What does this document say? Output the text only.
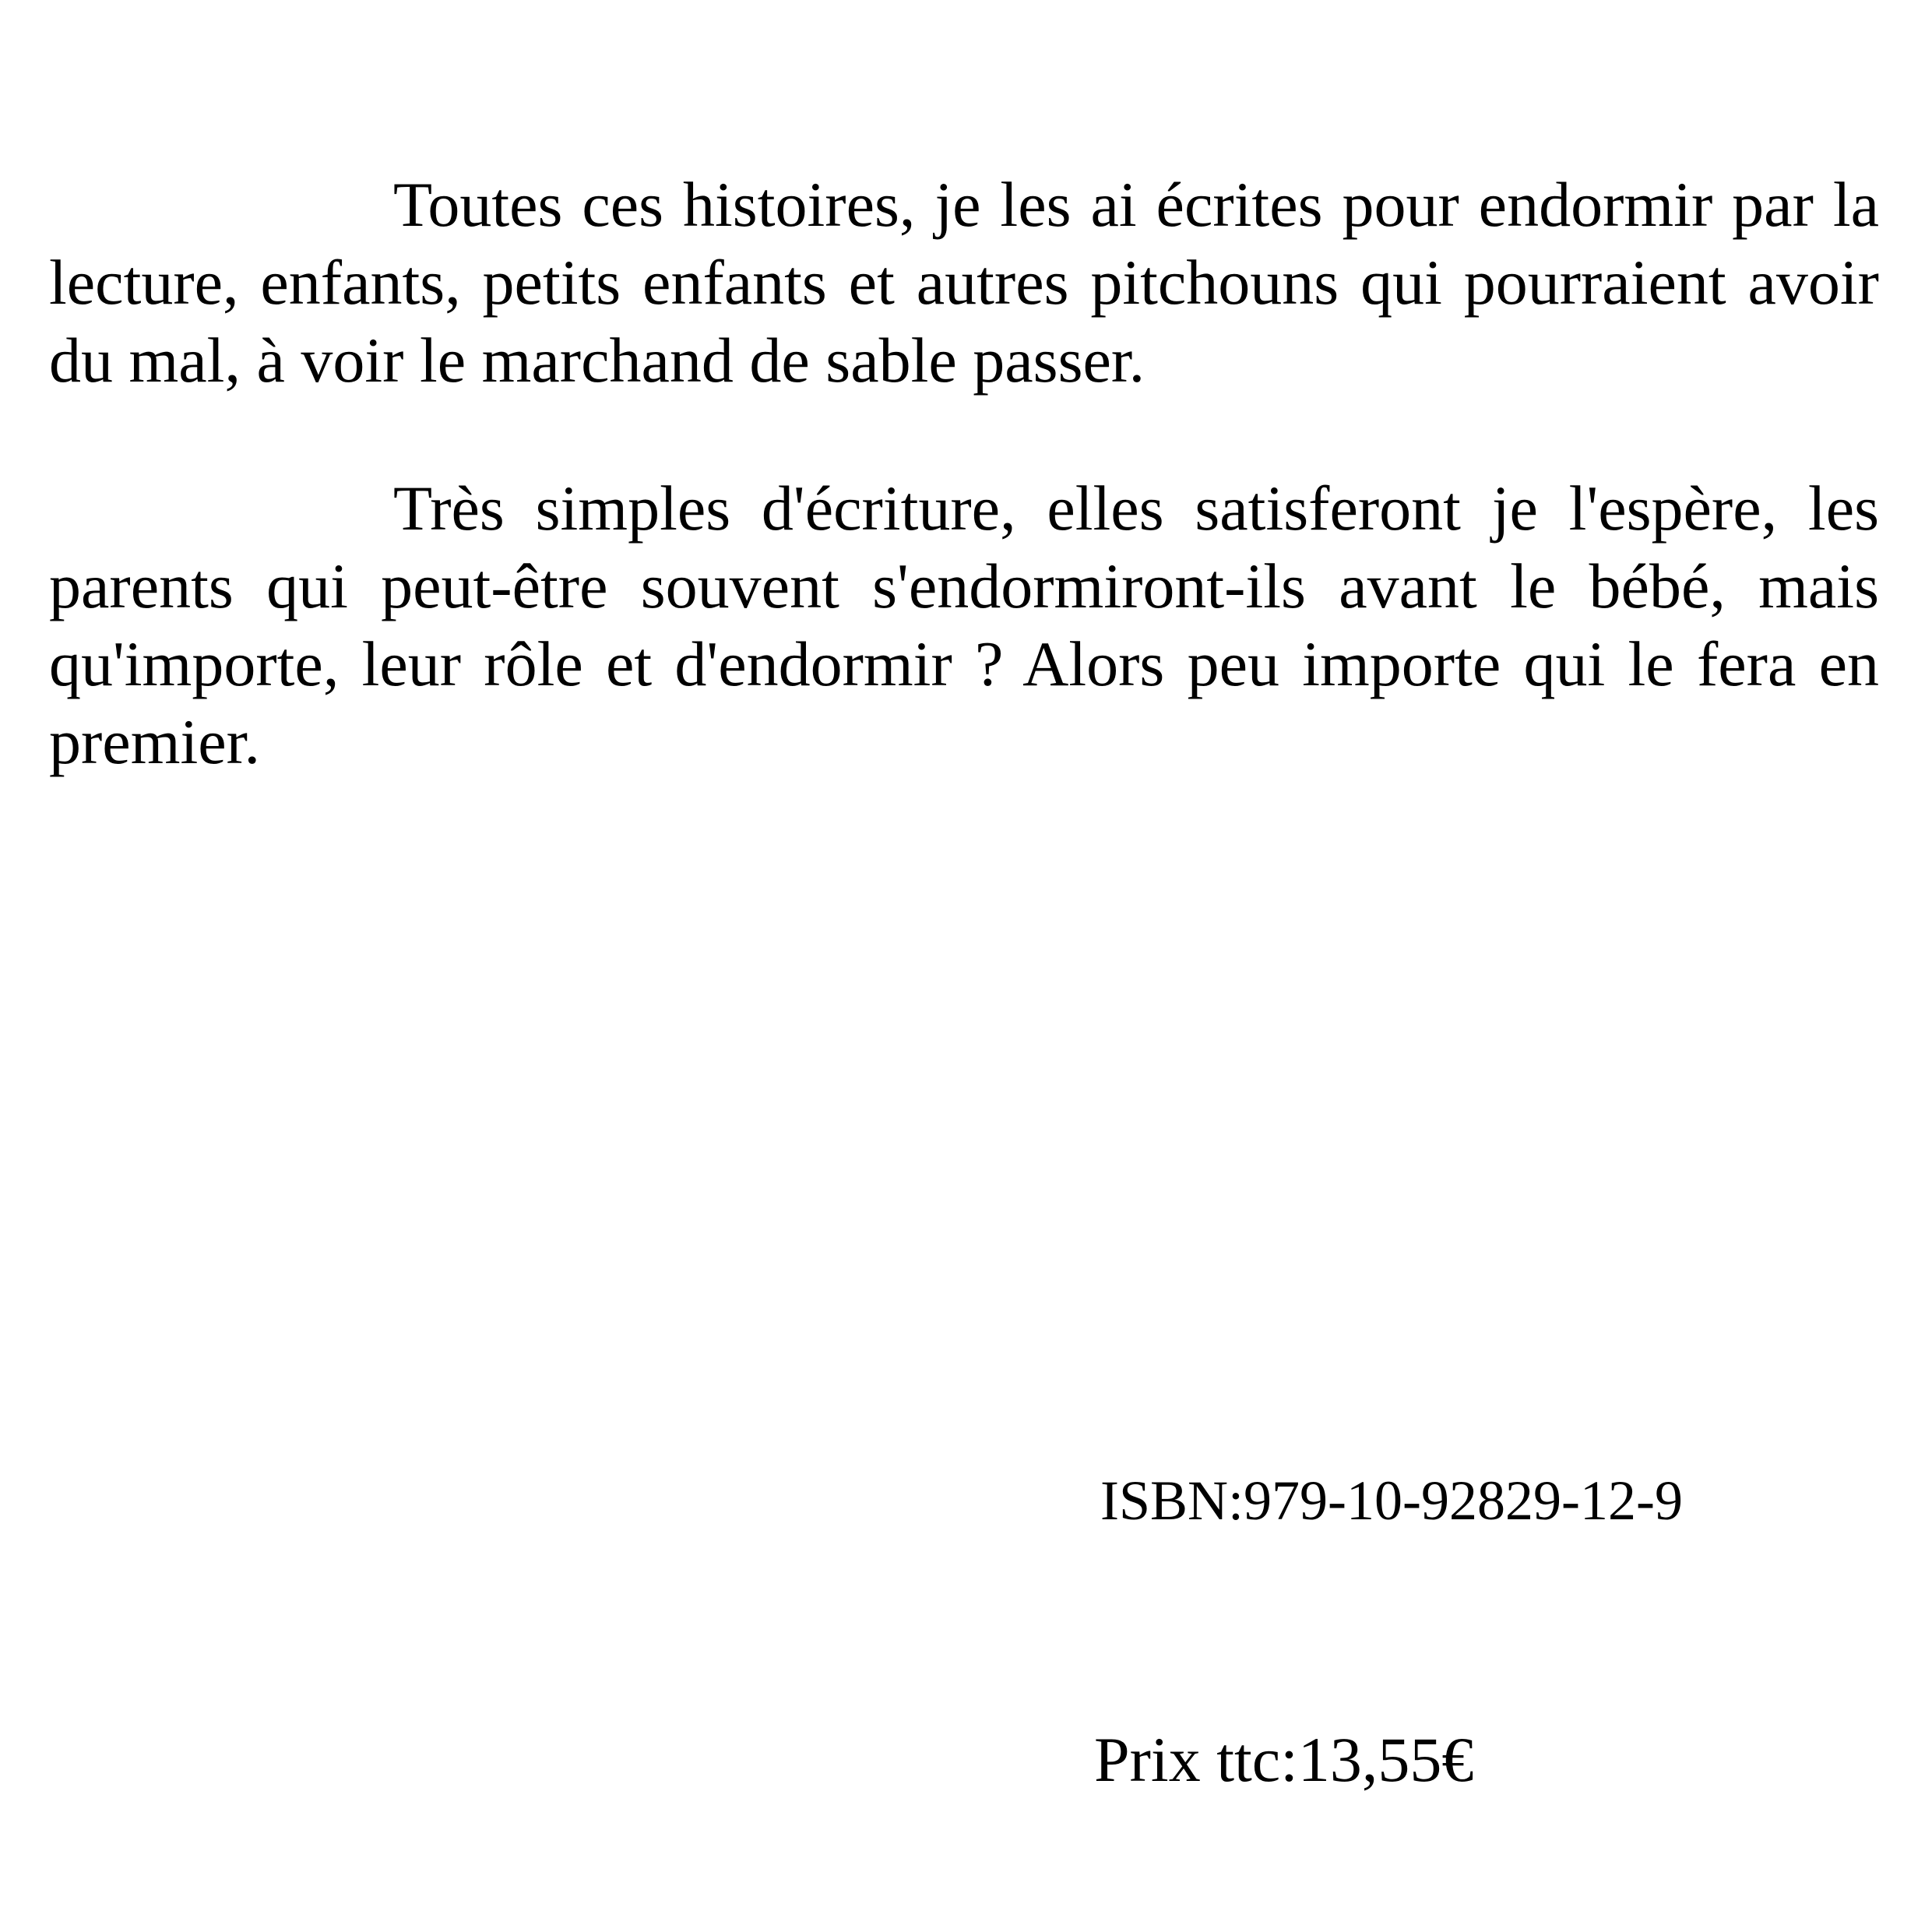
Toutes ces histoires, je les ai écrites pour endormir par la lecture, enfants, petits enfants et autres pitchouns qui pourraient avoir du mal, à voir le marchand de sable passer.

Très simples d'écriture, elles satisferont je l'espère, les parents qui peut-être souvent s'endormiront-ils avant le bébé, mais qu'importe, leur rôle et d'endormir ? Alors peu importe qui le fera en premier.

ISBN:979-10-92829-12-9
Prix ttc:13,55€
